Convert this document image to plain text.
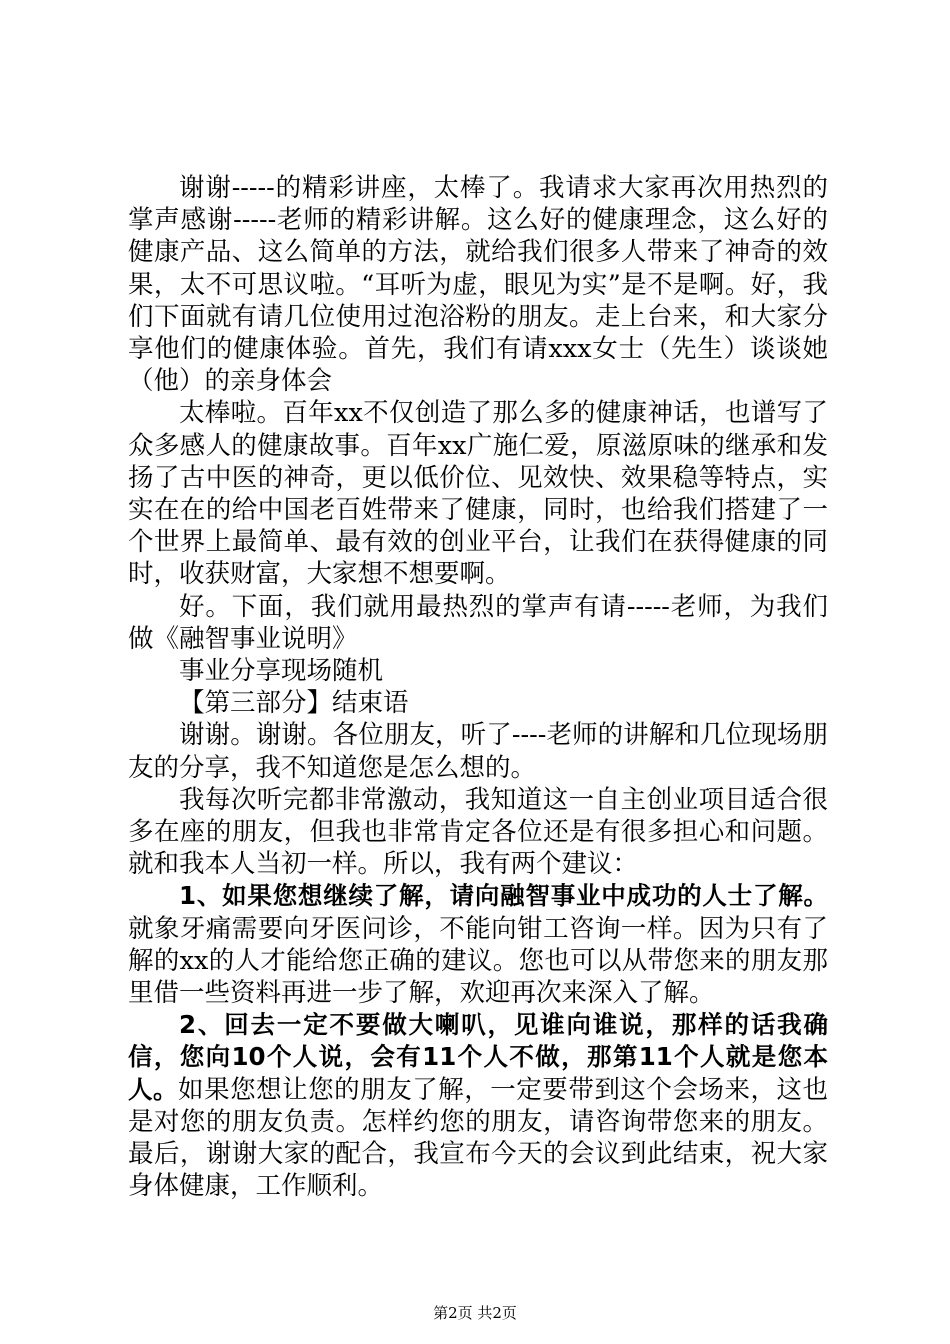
谢谢-----的精彩讲座，太棒了。我请求大家再次用热烈的掌声感谢-----老师的精彩讲解。这么好的健康理念，这么好的健康产品、这么简单的方法，就给我们很多人带来了神奇的效果，太不可思议啦。“耳听为虚，眼见为实”是不是啊。好，我们下面就有请几位使用过泡浴粉的朋友。走上台来，和大家分享他们的健康体验。首先，我们有请xxx女士（先生）谈谈她（他）的亲身体会

太棒啦。百年xx不仅创造了那么多的健康神话，也谱写了众多感人的健康故事。百年xx广施仁爱，原滋原味的继承和发扬了古中医的神奇，更以低价位、见效快、效果稳等特点，实实在在的给中国老百姓带来了健康，同时，也给我们搭建了一个世界上最简单、最有效的创业平台，让我们在获得健康的同时，收获财富，大家想不想要啊。

好。下面，我们就用最热烈的掌声有请-----老师，为我们做《融智事业说明》

事业分享现场随机

【第三部分】结束语

谢谢。谢谢。各位朋友，听了----老师的讲解和几位现场朋友的分享，我不知道您是怎么想的。

我每次听完都非常激动，我知道这一自主创业项目适合很多在座的朋友，但我也非常肯定各位还是有很多担心和问题。就和我本人当初一样。所以，我有两个建议：

1、如果您想继续了解，请向融智事业中成功的人士了解。就象牙痛需要向牙医问诊，不能向钳工咨询一样。因为只有了解的xx的人才能给您正确的建议。您也可以从带您来的朋友那里借一些资料再进一步了解，欢迎再次来深入了解。

2、回去一定不要做大喇叭，见谁向谁说，那样的话我确信，您向10个人说，会有11个人不做，那第11个人就是您本人。如果您想让您的朋友了解，一定要带到这个会场来，这也是对您的朋友负责。怎样约您的朋友，请咨询带您来的朋友。最后，谢谢大家的配合，我宣布今天的会议到此结束，祝大家身体健康，工作顺利。

第2页 共2页
